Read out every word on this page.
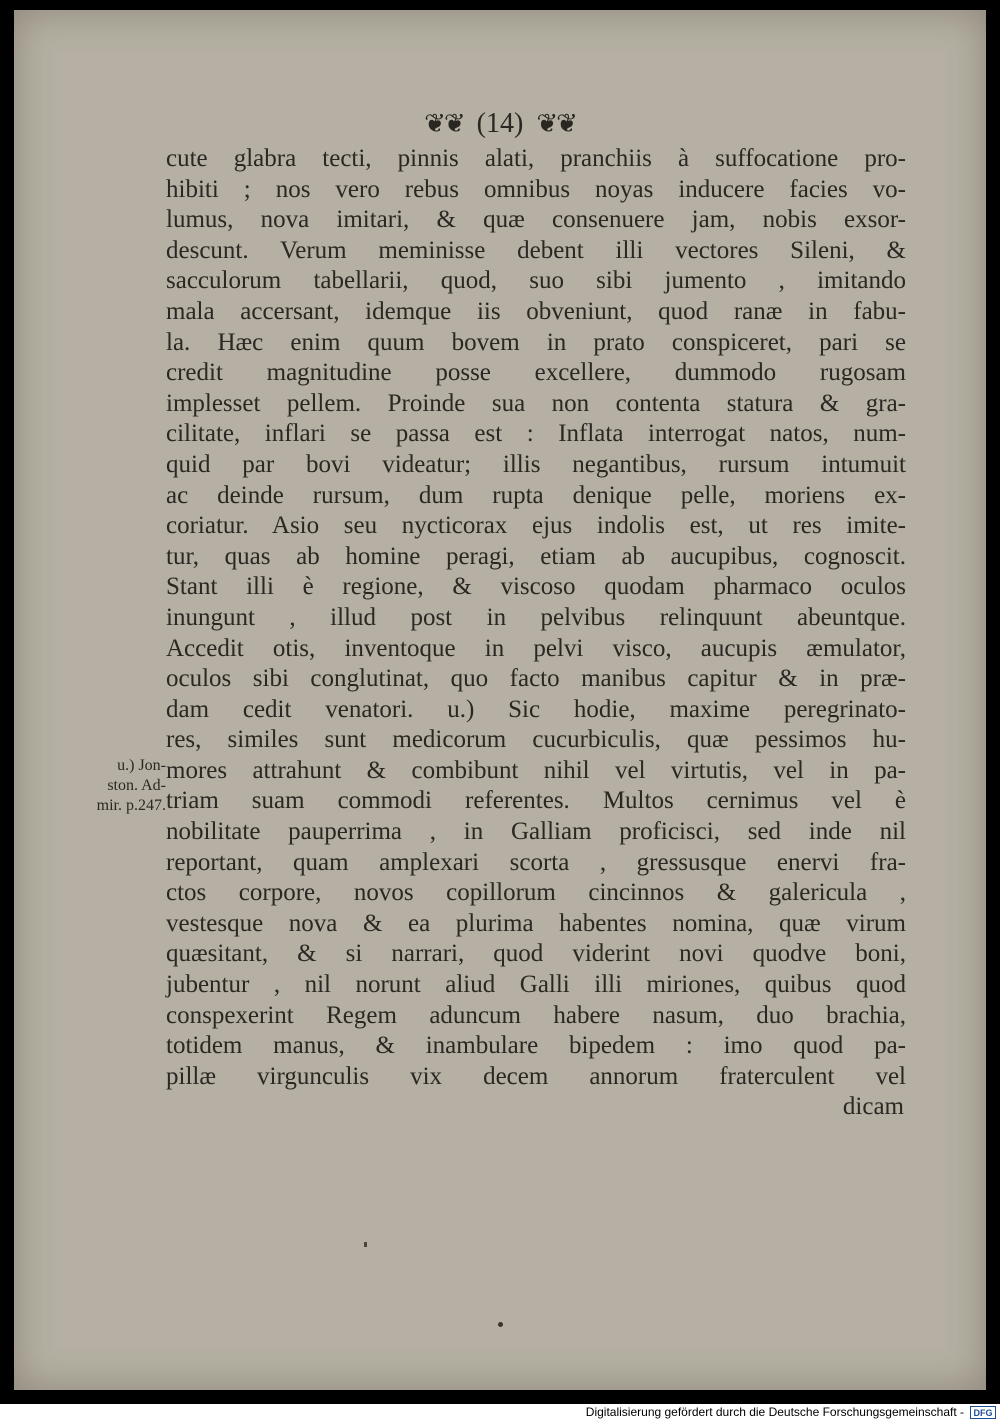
❦❦ (14) ❦❦
u.) Jon-
ston. Ad-
mir. p.247.
cute glabra tecti, pinnis alati, pranchiis à suffocatione pro-
hibiti ; nos vero rebus omnibus noyas inducere facies vo-
lumus, nova imitari, & quæ consenuere jam, nobis exsor-
descunt. Verum meminisse debent illi vectores Sileni, &
sacculorum tabellarii, quod, suo sibi jumento , imitando
mala accersant, idemque iis obveniunt, quod ranæ in fabu-
la. Hæc enim quum bovem in prato conspiceret, pari se
credit magnitudine posse excellere, dummodo rugosam
implesset pellem. Proinde sua non contenta statura & gra-
cilitate, inflari se passa est : Inflata interrogat natos, num-
quid par bovi videatur; illis negantibus, rursum intumuit
ac deinde rursum, dum rupta denique pelle, moriens ex-
coriatur. Asio seu nycticorax ejus indolis est, ut res imite-
tur, quas ab homine peragi, etiam ab aucupibus, cognoscit.
Stant illi è regione, & viscoso quodam pharmaco oculos
inungunt , illud post in pelvibus relinquunt abeuntque.
Accedit otis, inventoque in pelvi visco, aucupis æmulator,
oculos sibi conglutinat, quo facto manibus capitur & in præ-
dam cedit venatori. u.) Sic hodie, maxime peregrinato-
res, similes sunt medicorum cucurbiculis, quæ pessimos hu-
mores attrahunt & combibunt nihil vel virtutis, vel in pa-
triam suam commodi referentes. Multos cernimus vel è
nobilitate pauperrima , in Galliam proficisci, sed inde nil
reportant, quam amplexari scorta , gressusque enervi fra-
ctos corpore, novos copillorum cincinnos & galericula ,
vestesque nova & ea plurima habentes nomina, quæ virum
quæsitant, & si narrari, quod viderint novi quodve boni,
jubentur , nil norunt aliud Galli illi miriones, quibus quod
conspexerint Regem aduncum habere nasum, duo brachia,
totidem manus, & inambulare bipedem : imo quod pa-
pillæ virgunculis vix decem annorum fraterculent vel
dicam
Digitalisierung gefördert durch die Deutsche Forschungsgemeinschaft -	DFG
